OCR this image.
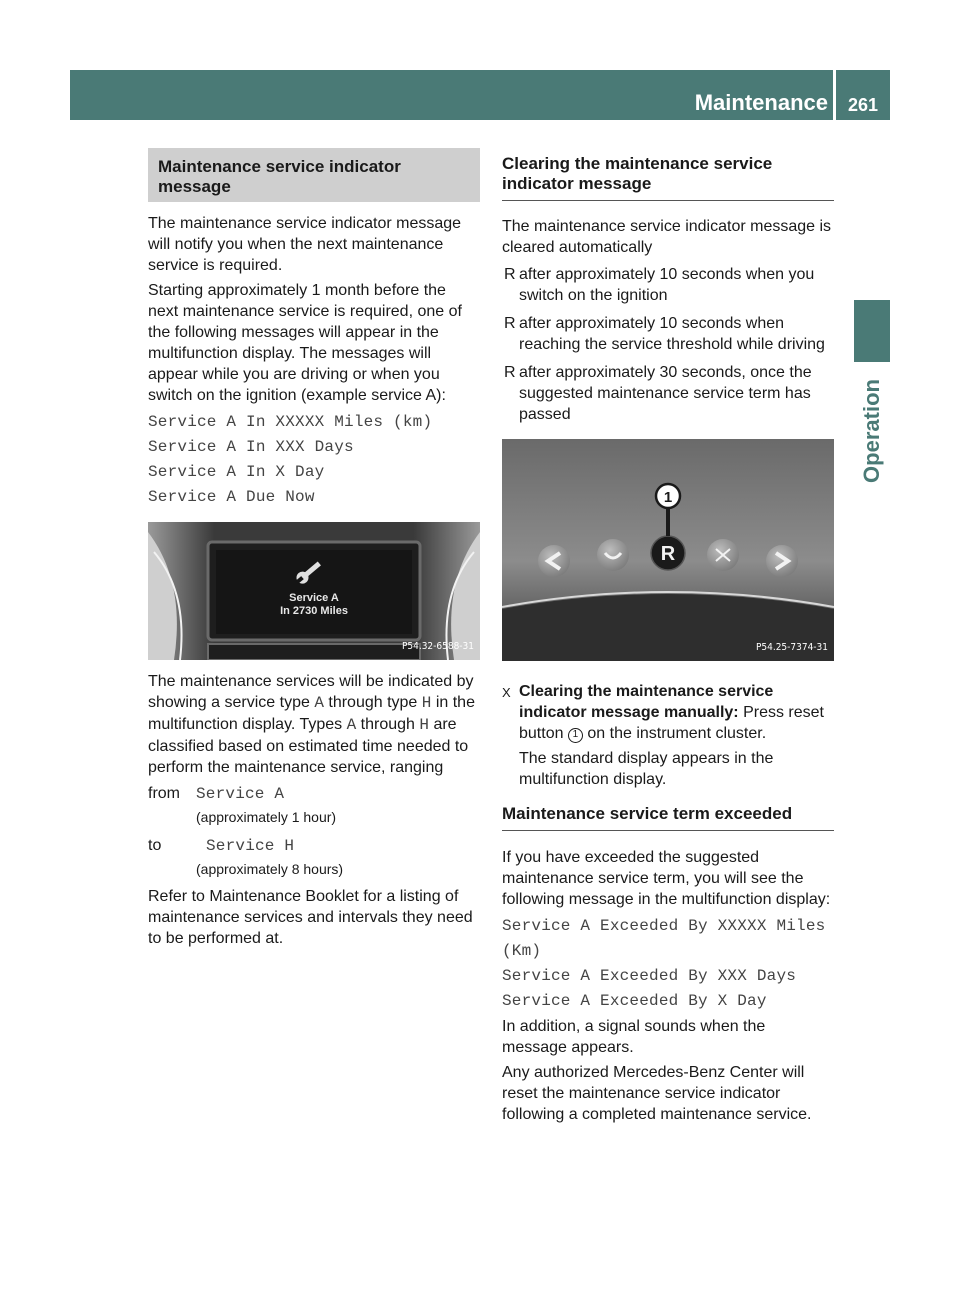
Maintenance	261
Operation
Maintenance service indicator message

The maintenance service indicator message will notify you when the next maintenance service is required.

Starting approximately 1 month before the next maintenance service is required, one of the following messages will appear in the multifunction display. The messages will appear while you are driving or when you switch on the ignition (example service A):

Service A In XXXXX Miles (km)
Service A In XXX Days
Service A In X Day
Service A Due Now
Service A
In 2730 Miles
P54.32-6588-31

The maintenance services will be indicated by showing a service type A through type H in the multifunction display. Types A through H are classified based on estimated time needed to perform the maintenance service, ranging

from	Service A
(approximately 1 hour)
to	Service H
(approximately 8 hours)

Refer to Maintenance Booklet for a listing of maintenance services and intervals they need to be performed at.

Clearing the maintenance service indicator message

The maintenance service indicator message is cleared automatically

R after approximately 10 seconds when you switch on the ignition
R after approximately 10 seconds when reaching the service threshold while driving
R after approximately 30 seconds, once the suggested maintenance service term has passed
R
1
P54.25-7374-31
X Clearing the maintenance service indicator message manually: Press reset button 1 on the instrument cluster.

The standard display appears in the multifunction display.

Maintenance service term exceeded

If you have exceeded the suggested maintenance service term, you will see the following message in the multifunction display:

Service A Exceeded By XXXXX Miles (Km)
Service A Exceeded By XXX Days
Service A Exceeded By X Day

In addition, a signal sounds when the message appears.

Any authorized Mercedes-Benz Center will reset the maintenance service indicator following a completed maintenance service.
